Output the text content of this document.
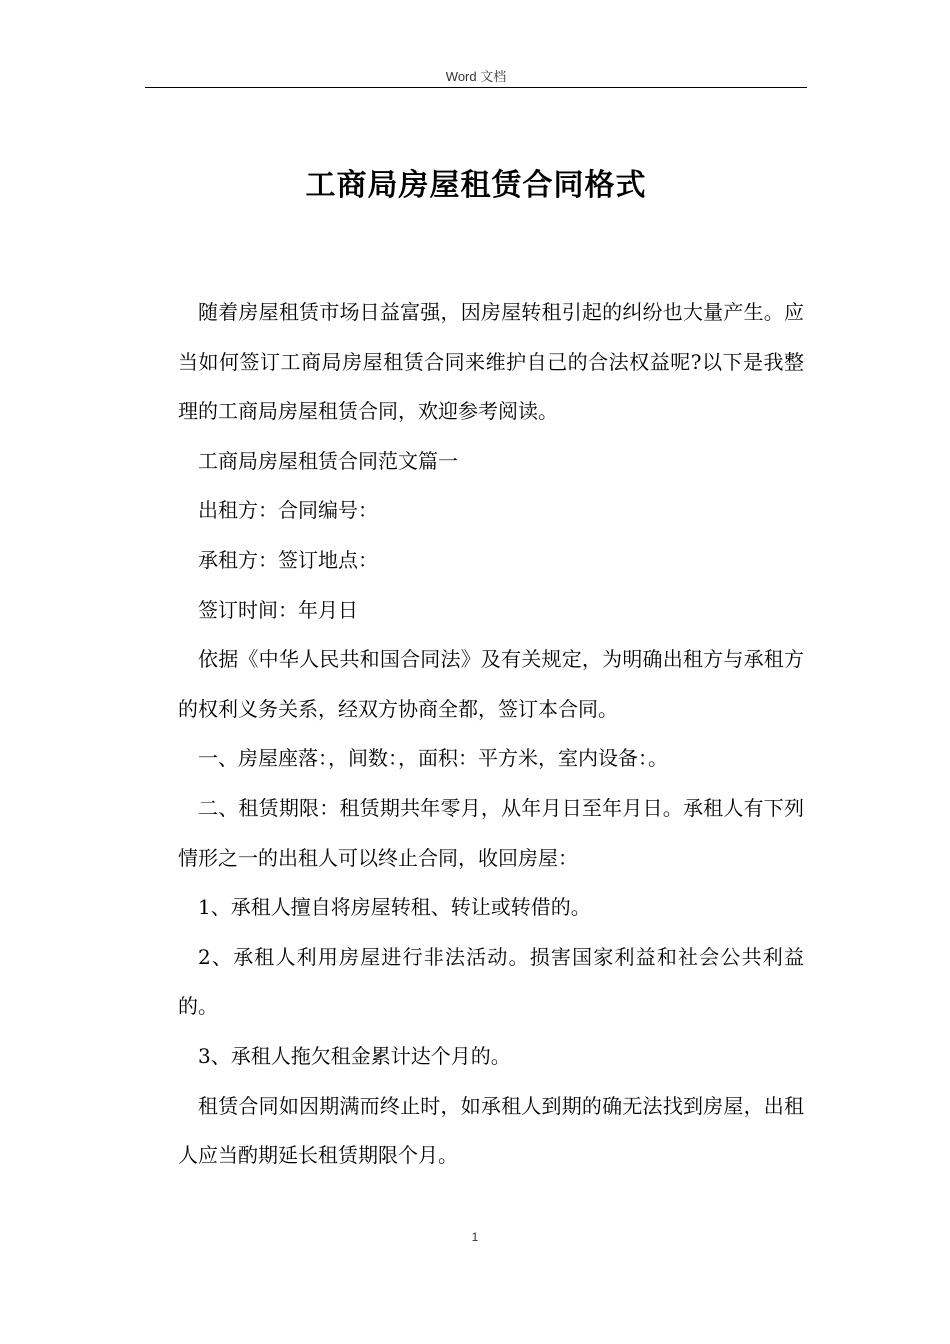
Word 文档
工商局房屋租赁合同格式

随着房屋租赁市场日益富强，因房屋转租引起的纠纷也大量产生。应当如何签订工商局房屋租赁合同来维护自己的合法权益呢?以下是我整理的工商局房屋租赁合同，欢迎参考阅读。

工商局房屋租赁合同范文篇一

出租方：合同编号：

承租方：签订地点：

签订时间：年月日

依据《中华人民共和国合同法》及有关规定，为明确出租方与承租方的权利义务关系，经双方协商全都，签订本合同。

一、房屋座落：，间数：，面积：平方米，室内设备：。

二、租赁期限：租赁期共年零月，从年月日至年月日。承租人有下列情形之一的出租人可以终止合同，收回房屋：

1、承租人擅自将房屋转租、转让或转借的。

2、承租人利用房屋进行非法活动。损害国家利益和社会公共利益的。

3、承租人拖欠租金累计达个月的。

租赁合同如因期满而终止时，如承租人到期的确无法找到房屋，出租人应当酌期延长租赁期限个月。

1
